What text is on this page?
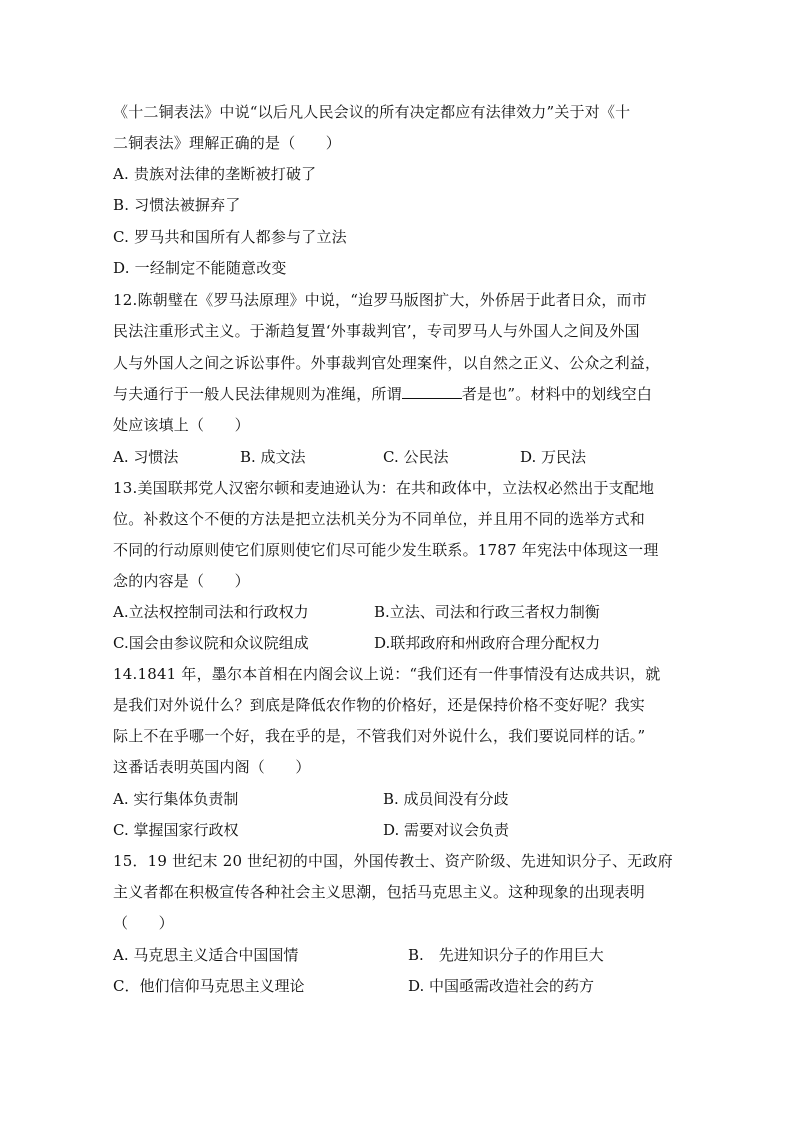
《十二铜表法》中说“以后凡人民会议的所有决定都应有法律效力”关于对《十
二铜表法》理解正确的是（　　）
A. 贵族对法律的垄断被打破了
B. 习惯法被摒弃了
C. 罗马共和国所有人都参与了立法
D. 一经制定不能随意改变
12.陈朝璧在《罗马法原理》中说，“迨罗马版图扩大，外侨居于此者日众，而市
民法注重形式主义。于渐趋复置‘外事裁判官’，专司罗马人与外国人之间及外国
人与外国人之间之诉讼事件。外事裁判官处理案件，以自然之正义、公众之利益，
与夫通行于一般人民法律规则为准绳，所谓	者是也”。材料中的划线空白
处应该填上（　　）
A. 习惯法	B. 成文法	C. 公民法	D. 万民法
13.美国联邦党人汉密尔顿和麦迪逊认为：在共和政体中，立法权必然出于支配地
位。补救这个不便的方法是把立法机关分为不同单位，并且用不同的选举方式和
不同的行动原则使它们原则使它们尽可能少发生联系。1787 年宪法中体现这一理
念的内容是（　　）
A.立法权控制司法和行政权力	B.立法、司法和行政三者权力制衡
C.国会由参议院和众议院组成	D.联邦政府和州政府合理分配权力
14.1841 年，墨尔本首相在内阁会议上说：“我们还有一件事情没有达成共识，就
是我们对外说什么？到底是降低农作物的价格好，还是保持价格不变好呢？我实
际上不在乎哪一个好，我在乎的是，不管我们对外说什么，我们要说同样的话。”
这番话表明英国内阁（　　）
A. 实行集体负责制	B. 成员间没有分歧
C. 掌握国家行政权	D. 需要对议会负责
15．19 世纪末 20 世纪初的中国，外国传教士、资产阶级、先进知识分子、无政府
主义者都在积极宣传各种社会主义思潮，包括马克思主义。这种现象的出现表明
（　　）
A. 马克思主义适合中国国情	B.　先进知识分子的作用巨大
C．他们信仰马克思主义理论	D. 中国亟需改造社会的药方
